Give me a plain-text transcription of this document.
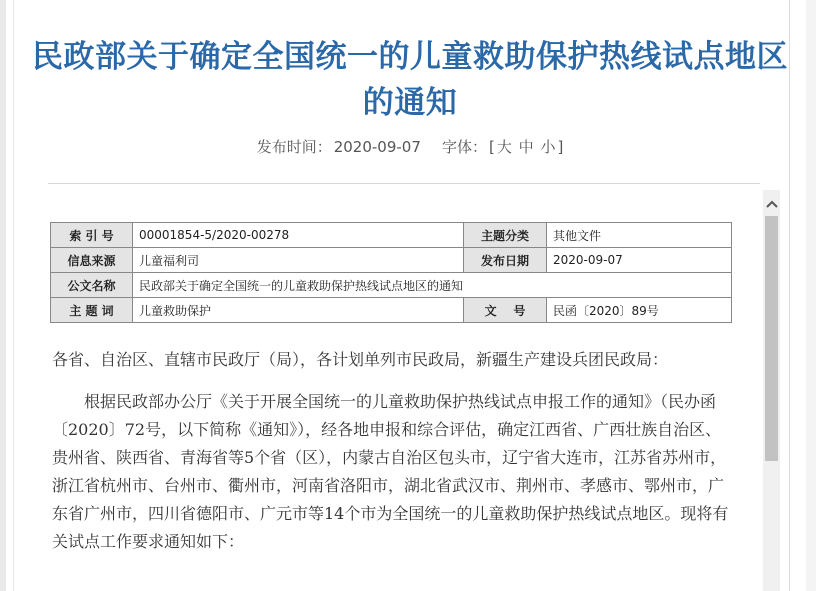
民政部关于确定全国统一的儿童救助保护热线试点地区的通知
发布时间： 2020-09-07 字体： [ 大 中 小 ]
索 引 号	00001854-5/2020-00278	主题分类	其他文件
信息来源	儿童福利司	发布日期	2020-09-07
公文名称	民政部关于确定全国统一的儿童救助保护热线试点地区的通知		
主 题 词	儿童救助保护	文    号	民函〔2020〕89号

各省、自治区、直辖市民政厅（局），各计划单列市民政局，新疆生产建设兵团民政局：

根据民政部办公厅《关于开展全国统一的儿童救助保护热线试点申报工作的通知》（民办函〔2020〕72号，以下简称《通知》），经各地申报和综合评估，确定江西省、广西壮族自治区、贵州省、陕西省、青海省等5个省（区），内蒙古自治区包头市，辽宁省大连市，江苏省苏州市，浙江省杭州市、台州市、衢州市，河南省洛阳市，湖北省武汉市、荆州市、孝感市、鄂州市，广东省广州市，四川省德阳市、广元市等14个市为全国统一的儿童救助保护热线试点地区。现将有关试点工作要求通知如下：
